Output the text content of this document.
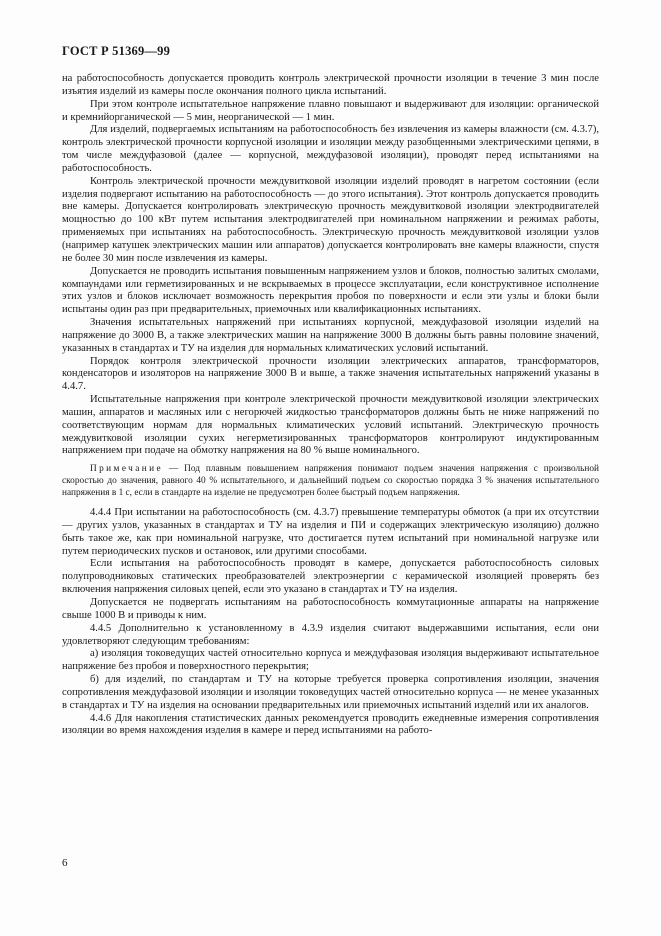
ГОСТ Р 51369—99

на работоспособность допускается проводить контроль электрической прочности изоляции в течение 3 мин после изъятия изделий из камеры после окончания полного цикла испытаний.

При этом контроле испытательное напряжение плавно повышают и выдерживают для изоляции: органической и кремнийорганической — 5 мин, неорганической — 1 мин.

Для изделий, подвергаемых испытаниям на работоспособность без извлечения из камеры влажности (см. 4.3.7), контроль электрической прочности корпусной изоляции и изоляции между разобщенными электрическими цепями, в том числе междуфазовой (далее — корпусной, междуфазовой изоляции), проводят перед испытаниями на работоспособность.

Контроль электрической прочности междувитковой изоляции изделий проводят в нагретом состоянии (если изделия подвергают испытанию на работоспособность — до этого испытания). Этот контроль допускается проводить вне камеры. Допускается контролировать электрическую прочность междувитковой изоляции электродвигателей мощностью до 100 кВт путем испытания электродвигателей при номинальном напряжении и режимах работы, применяемых при испытаниях на работоспособность. Электрическую прочность междувитковой изоляции узлов (например катушек электрических машин или аппаратов) допускается контролировать вне камеры влажности, спустя не более 30 мин после извлечения из камеры.

Допускается не проводить испытания повышенным напряжением узлов и блоков, полностью залитых смолами, компаундами или герметизированных и не вскрываемых в процессе эксплуатации, если конструктивное исполнение этих узлов и блоков исключает возможность перекрытия пробоя по поверхности и если эти узлы и блоки были испытаны один раз при предварительных, приемочных или квалификационных испытаниях.

Значения испытательных напряжений при испытаниях корпусной, междуфазовой изоляции изделий на напряжение до 3000 В, а также электрических машин на напряжение 3000 В должны быть равны половине значений, указанных в стандартах и ТУ на изделия для нормальных климатических условий испытаний.

Порядок контроля электрической прочности изоляции электрических аппаратов, трансформаторов, конденсаторов и изоляторов на напряжение 3000 В и выше, а также значения испытательных напряжений указаны в 4.4.7.

Испытательные напряжения при контроле электрической прочности междувитковой изоляции электрических машин, аппаратов и масляных или с негорючей жидкостью трансформаторов должны быть не ниже напряжений по соответствующим нормам для нормальных климатических условий испытаний. Электрическую прочность междувитковой изоляции сухих негерметизированных трансформаторов контролируют индуктированным напряжением при подаче на обмотку напряжения на 80 % выше номинального.

Примечание — Под плавным повышением напряжения понимают подъем значения напряжения с произвольной скоростью до значения, равного 40 % испытательного, и дальнейший подъем со скоростью порядка 3 % значения испытательного напряжения в 1 с, если в стандарте на изделие не предусмотрен более быстрый подъем напряжения.

4.4.4 При испытании на работоспособность (см. 4.3.7) превышение температуры обмоток (а при их отсутствии — других узлов, указанных в стандартах и ТУ на изделия и ПИ и содержащих электрическую изоляцию) должно быть такое же, как при номинальной нагрузке, что достигается путем испытаний при номинальной нагрузке или путем периодических пусков и остановок, или другими способами.

Если испытания на работоспособность проводят в камере, допускается работоспособность силовых полупроводниковых статических преобразователей электроэнергии с керамической изоляцией проверять без включения напряжения силовых цепей, если это указано в стандартах и ТУ на изделия.

Допускается не подвергать испытаниям на работоспособность коммутационные аппараты на напряжение свыше 1000 В и приводы к ним.

4.4.5 Дополнительно к установленному в 4.3.9 изделия считают выдержавшими испытания, если они удовлетворяют следующим требованиям:

а) изоляция токоведущих частей относительно корпуса и междуфазовая изоляция выдерживают испытательное напряжение без пробоя и поверхностного перекрытия;

б) для изделий, по стандартам и ТУ на которые требуется проверка сопротивления изоляции, значения сопротивления междуфазовой изоляции и изоляции токоведущих частей относительно корпуса — не менее указанных в стандартах и ТУ на изделия на основании предварительных или приемочных испытаний изделий или их аналогов.

4.4.6 Для накопления статистических данных рекомендуется проводить ежедневные измерения сопротивления изоляции во время нахождения изделия в камере и перед испытаниями на работо-

6
